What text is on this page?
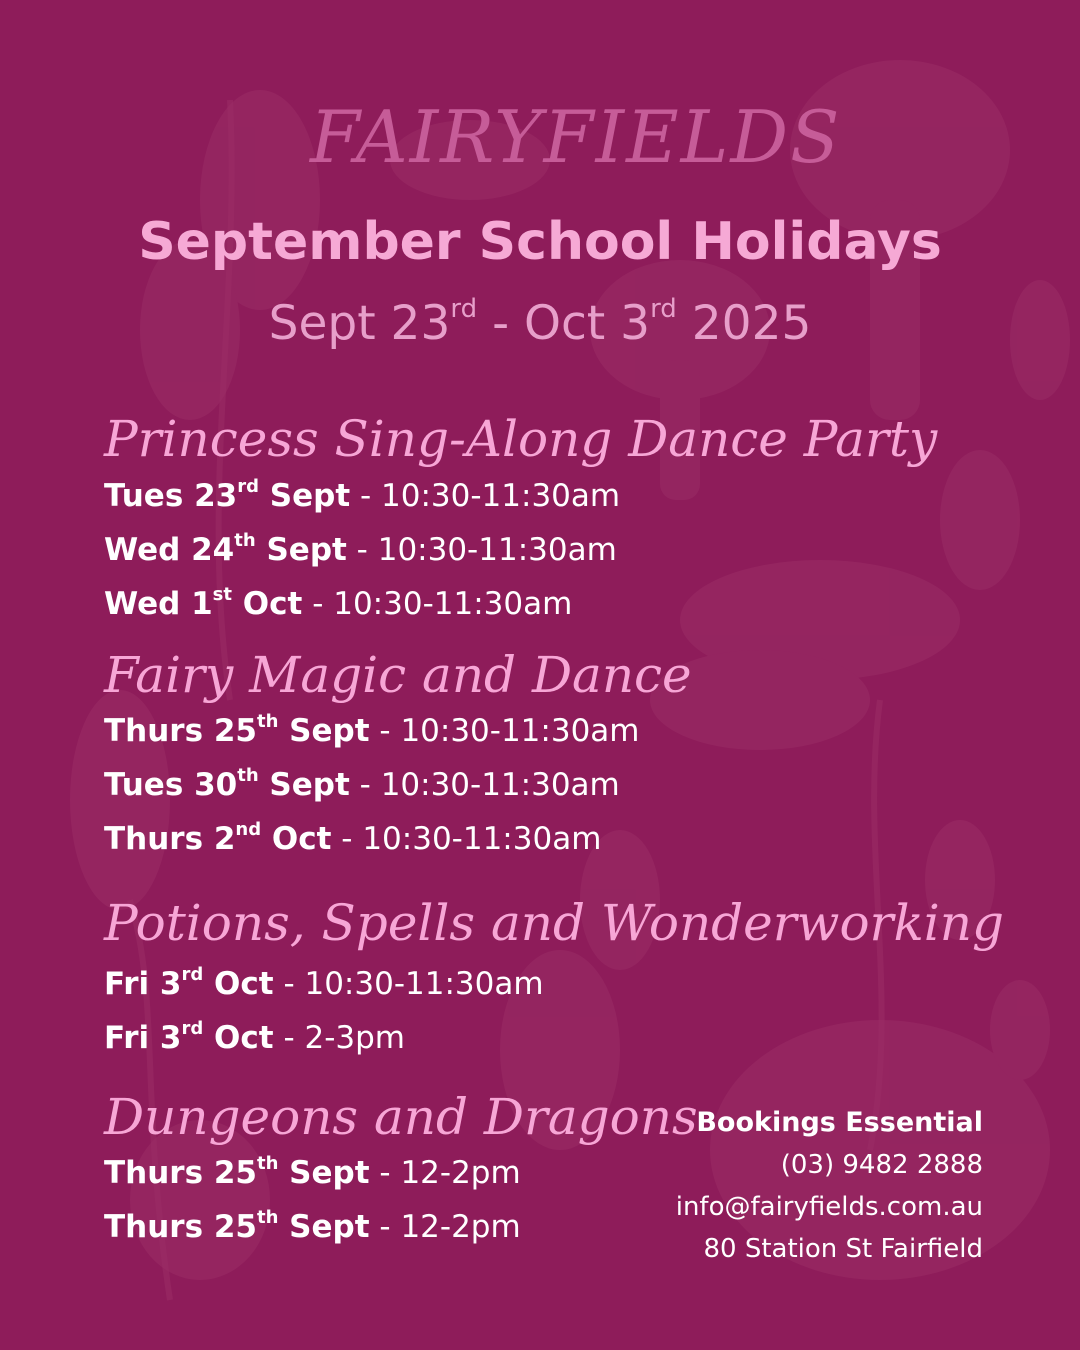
FAIRYFIELDS
September School Holidays
Sept 23rd - Oct 3rd 2025
Princess Sing-Along Dance Party
Tues 23rd Sept - 10:30-11:30am
Wed 24th Sept - 10:30-11:30am
Wed 1st Oct - 10:30-11:30am
Fairy Magic and Dance
Thurs 25th Sept - 10:30-11:30am
Tues 30th Sept - 10:30-11:30am
Thurs 2nd Oct - 10:30-11:30am
Potions, Spells and Wonderworking
Fri 3rd Oct - 10:30-11:30am
Fri 3rd Oct - 2-3pm
Dungeons and Dragons
Thurs 25th Sept - 12-2pm
Thurs 25th Sept - 12-2pm
Bookings Essential
(03) 9482 2888
info@fairyfields.com.au
80 Station St Fairfield
